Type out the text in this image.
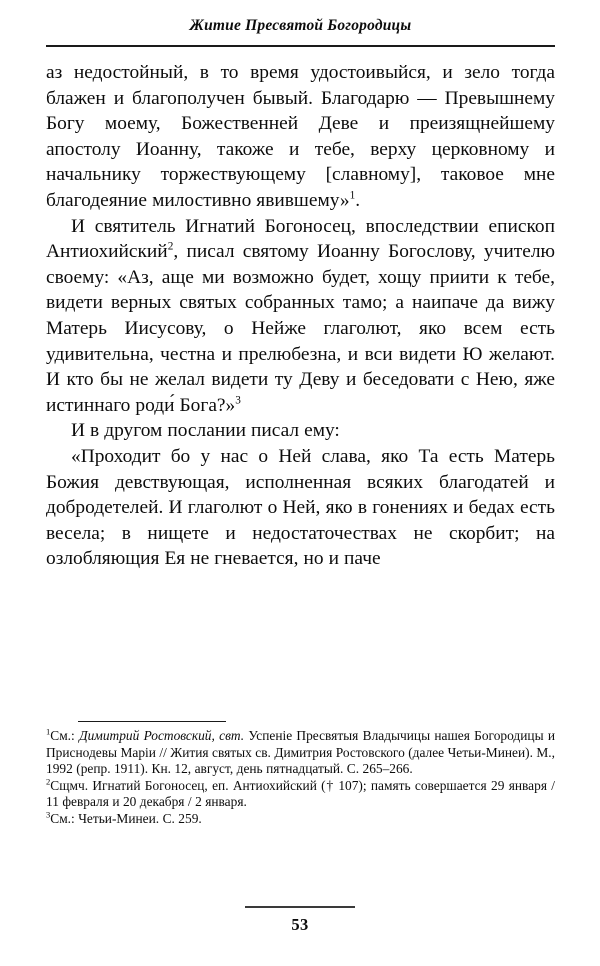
Житие Пресвятой Богородицы

аз недостойный, в то время удостоивыйся, и зело тогда блажен и благополучен бывый. Благодарю — Превышнему Богу моему, Божественней Деве и преизящнейшему апостолу Иоанну, такоже и тебе, верху церковному и начальнику торжествующему [славному], таковое мне благодеяние милостивно явившему»$^1$.

И святитель Игнатий Богоносец, впоследствии епископ Антиохийский$^2$, писал святому Иоанну Богослову, учителю своему: «Аз, аще ми возможно будет, хощу приити к тебе, видети верных святых собранных тамо; а наипаче да вижу Матерь Иисусову, о Нейже глаголют, яко всем есть удивительна, честна и прелюбезна, и вси видети Ю желают. И кто бы не желал видети ту Деву и беседовати с Нею, яже истиннаго роди́ Бога?»$^3$

И в другом послании писал ему:

«Проходит бо у нас о Ней слава, яко Та есть Матерь Божия девствующая, исполненная всяких благодатей и добродетелей. И глаголют о Ней, яко в гонениях и бедах есть весела; в нищете и недостаточествах не скорбит; на озлобляющия Ея не гневается, но и паче

$^1$См.: Димитрий Ростовский, свт. Успеніе Пресвятыя Владычицы нашея Богородицы и Приснодевы Маріи // Жития святых св. Димитрия Ростовского (далее Четьи-Минеи). М., 1992 (репр. 1911). Кн. 12, август, день пятнадцатый. С. 265–266.

$^2$Сщмч. Игнатий Богоносец, еп. Антиохийский († 107); память совершается 29 января / 11 февраля и 20 декабря / 2 января.

$^3$См.: Четьи-Минеи. С. 259.

53
